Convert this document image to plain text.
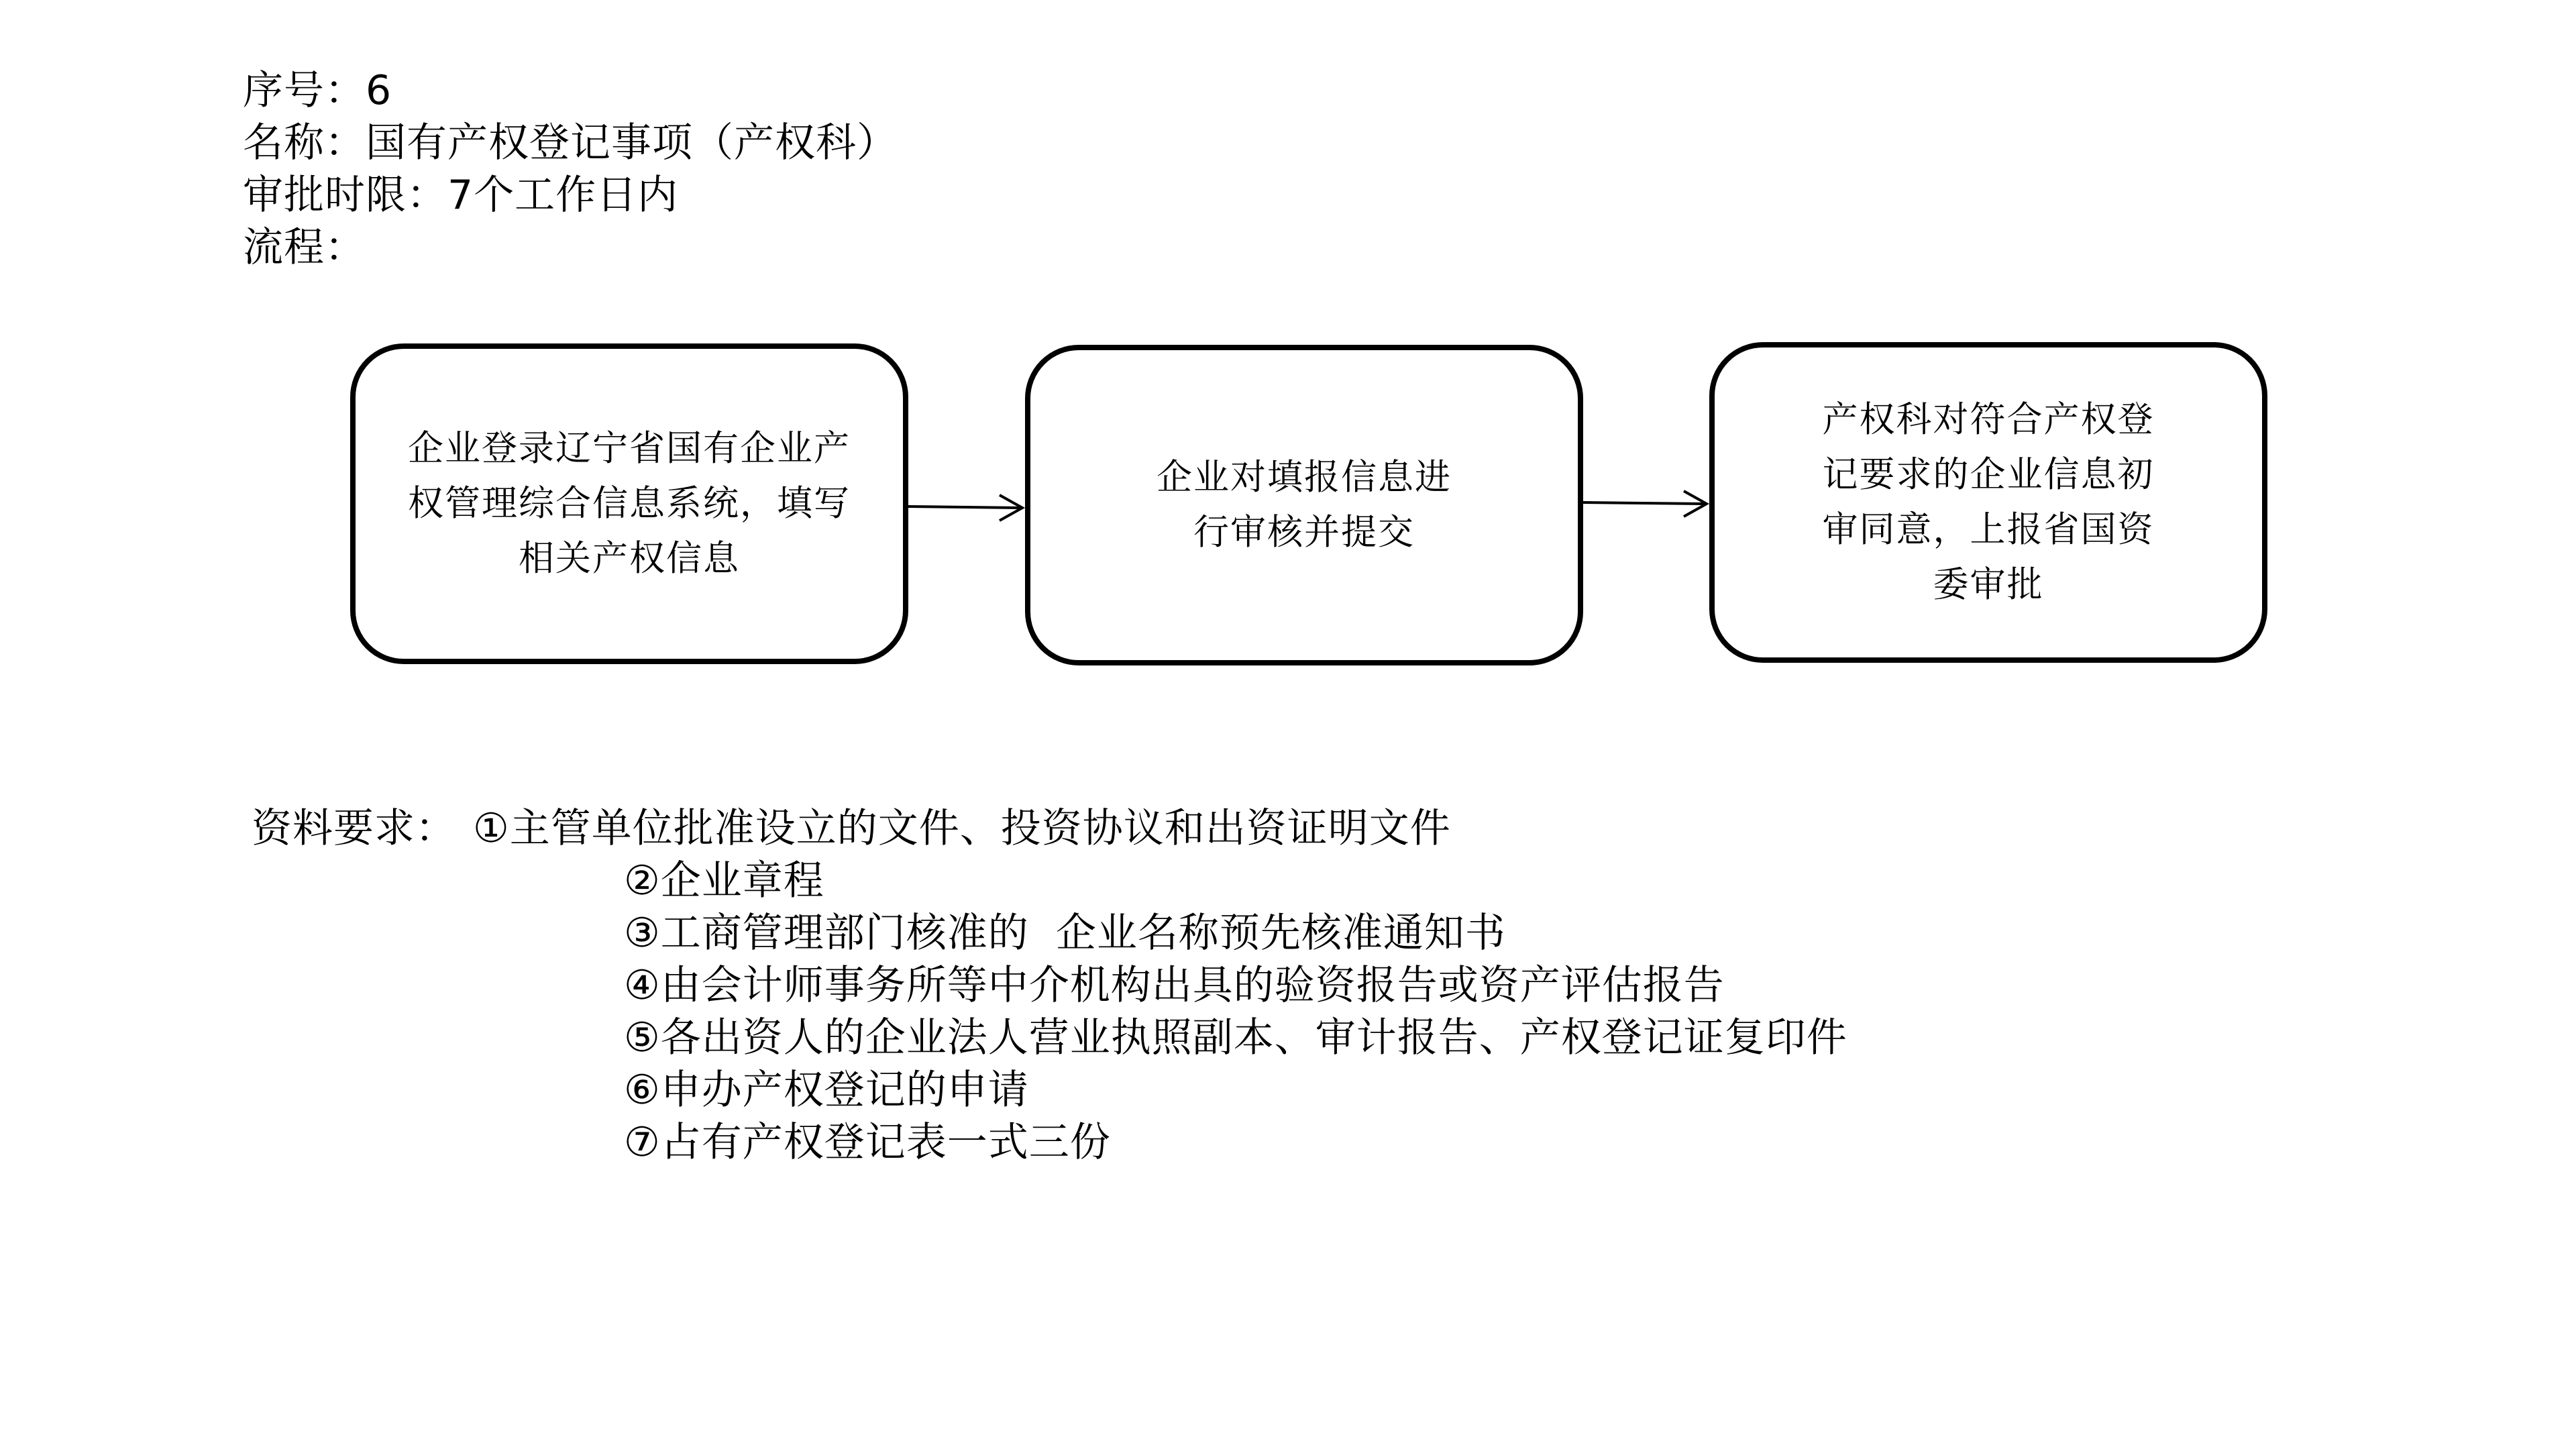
序号：6
名称：国有产权登记事项（产权科）
审批时限：7个工作日内
流程：
企业登录辽宁省国有企业产权管理综合信息系统，填写相关产权信息
企业对填报信息进行审核并提交
产权科对符合产权登记要求的企业信息初审同意，上报省国资委审批
资料要求： ①主管单位批准设立的文件、投资协议和出资证明文件
②企业章程
③工商管理部门核准的  企业名称预先核准通知书
④由会计师事务所等中介机构出具的验资报告或资产评估报告
⑤各出资人的企业法人营业执照副本、审计报告、产权登记证复印件
⑥申办产权登记的申请
⑦占有产权登记表一式三份
